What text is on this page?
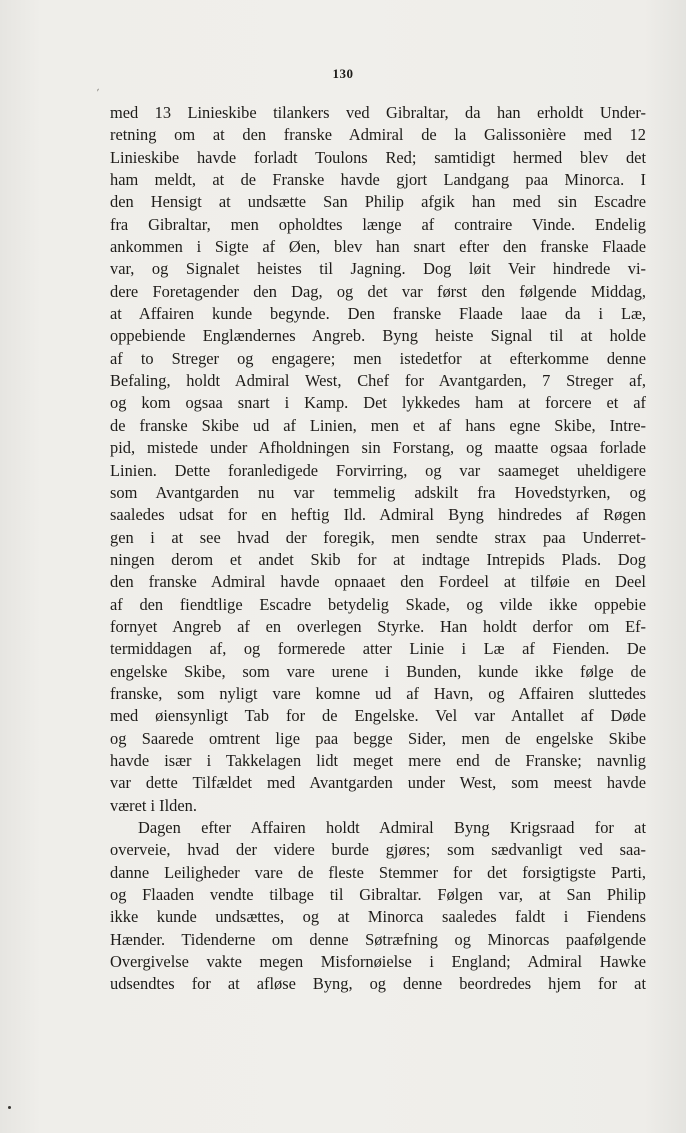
´
130
med 13 Linieskibe tilankers ved Gibraltar, da han erholdt Under-
retning om at den franske Admiral de la Galissonière med 12
Linieskibe havde forladt Toulons Red; samtidigt hermed blev det
ham meldt, at de Franske havde gjort Landgang paa Minorca. I
den Hensigt at undsætte San Philip afgik han med sin Escadre
fra Gibraltar, men opholdtes længe af contraire Vinde. Endelig
ankommen i Sigte af Øen, blev han snart efter den franske Flaade
var, og Signalet heistes til Jagning. Dog løit Veir hindrede vi-
dere Foretagender den Dag, og det var først den følgende Middag,
at Affairen kunde begynde. Den franske Flaade laae da i Læ,
oppebiende Englændernes Angreb. Byng heiste Signal til at holde
af to Streger og engagere; men istedetfor at efterkomme denne
Befaling, holdt Admiral West, Chef for Avantgarden, 7 Streger af,
og kom ogsaa snart i Kamp. Det lykkedes ham at forcere et af
de franske Skibe ud af Linien, men et af hans egne Skibe, Intre-
pid, mistede under Afholdningen sin Forstang, og maatte ogsaa forlade
Linien. Dette foranledigede Forvirring, og var saameget uheldigere
som Avantgarden nu var temmelig adskilt fra Hovedstyrken, og
saaledes udsat for en heftig Ild. Admiral Byng hindredes af Røgen
gen i at see hvad der foregik, men sendte strax paa Underret-
ningen derom et andet Skib for at indtage Intrepids Plads. Dog
den franske Admiral havde opnaaet den Fordeel at tilføie en Deel
af den fiendtlige Escadre betydelig Skade, og vilde ikke oppebie
fornyet Angreb af en overlegen Styrke. Han holdt derfor om Ef-
termiddagen af, og formerede atter Linie i Læ af Fienden. De
engelske Skibe, som vare urene i Bunden, kunde ikke følge de
franske, som nyligt vare komne ud af Havn, og Affairen sluttedes
med øiensynligt Tab for de Engelske. Vel var Antallet af Døde
og Saarede omtrent lige paa begge Sider, men de engelske Skibe
havde især i Takkelagen lidt meget mere end de Franske; navnlig
var dette Tilfældet med Avantgarden under West, som meest havde
været i Ilden.
Dagen efter Affairen holdt Admiral Byng Krigsraad for at
overveie, hvad der videre burde gjøres; som sædvanligt ved saa-
danne Leiligheder vare de fleste Stemmer for det forsigtigste Parti,
og Flaaden vendte tilbage til Gibraltar. Følgen var, at San Philip
ikke kunde undsættes, og at Minorca saaledes faldt i Fiendens
Hænder. Tidenderne om denne Søtræfning og Minorcas paafølgende
Overgivelse vakte megen Misfornøielse i England; Admiral Hawke
udsendtes for at afløse Byng, og denne beordredes hjem for at
